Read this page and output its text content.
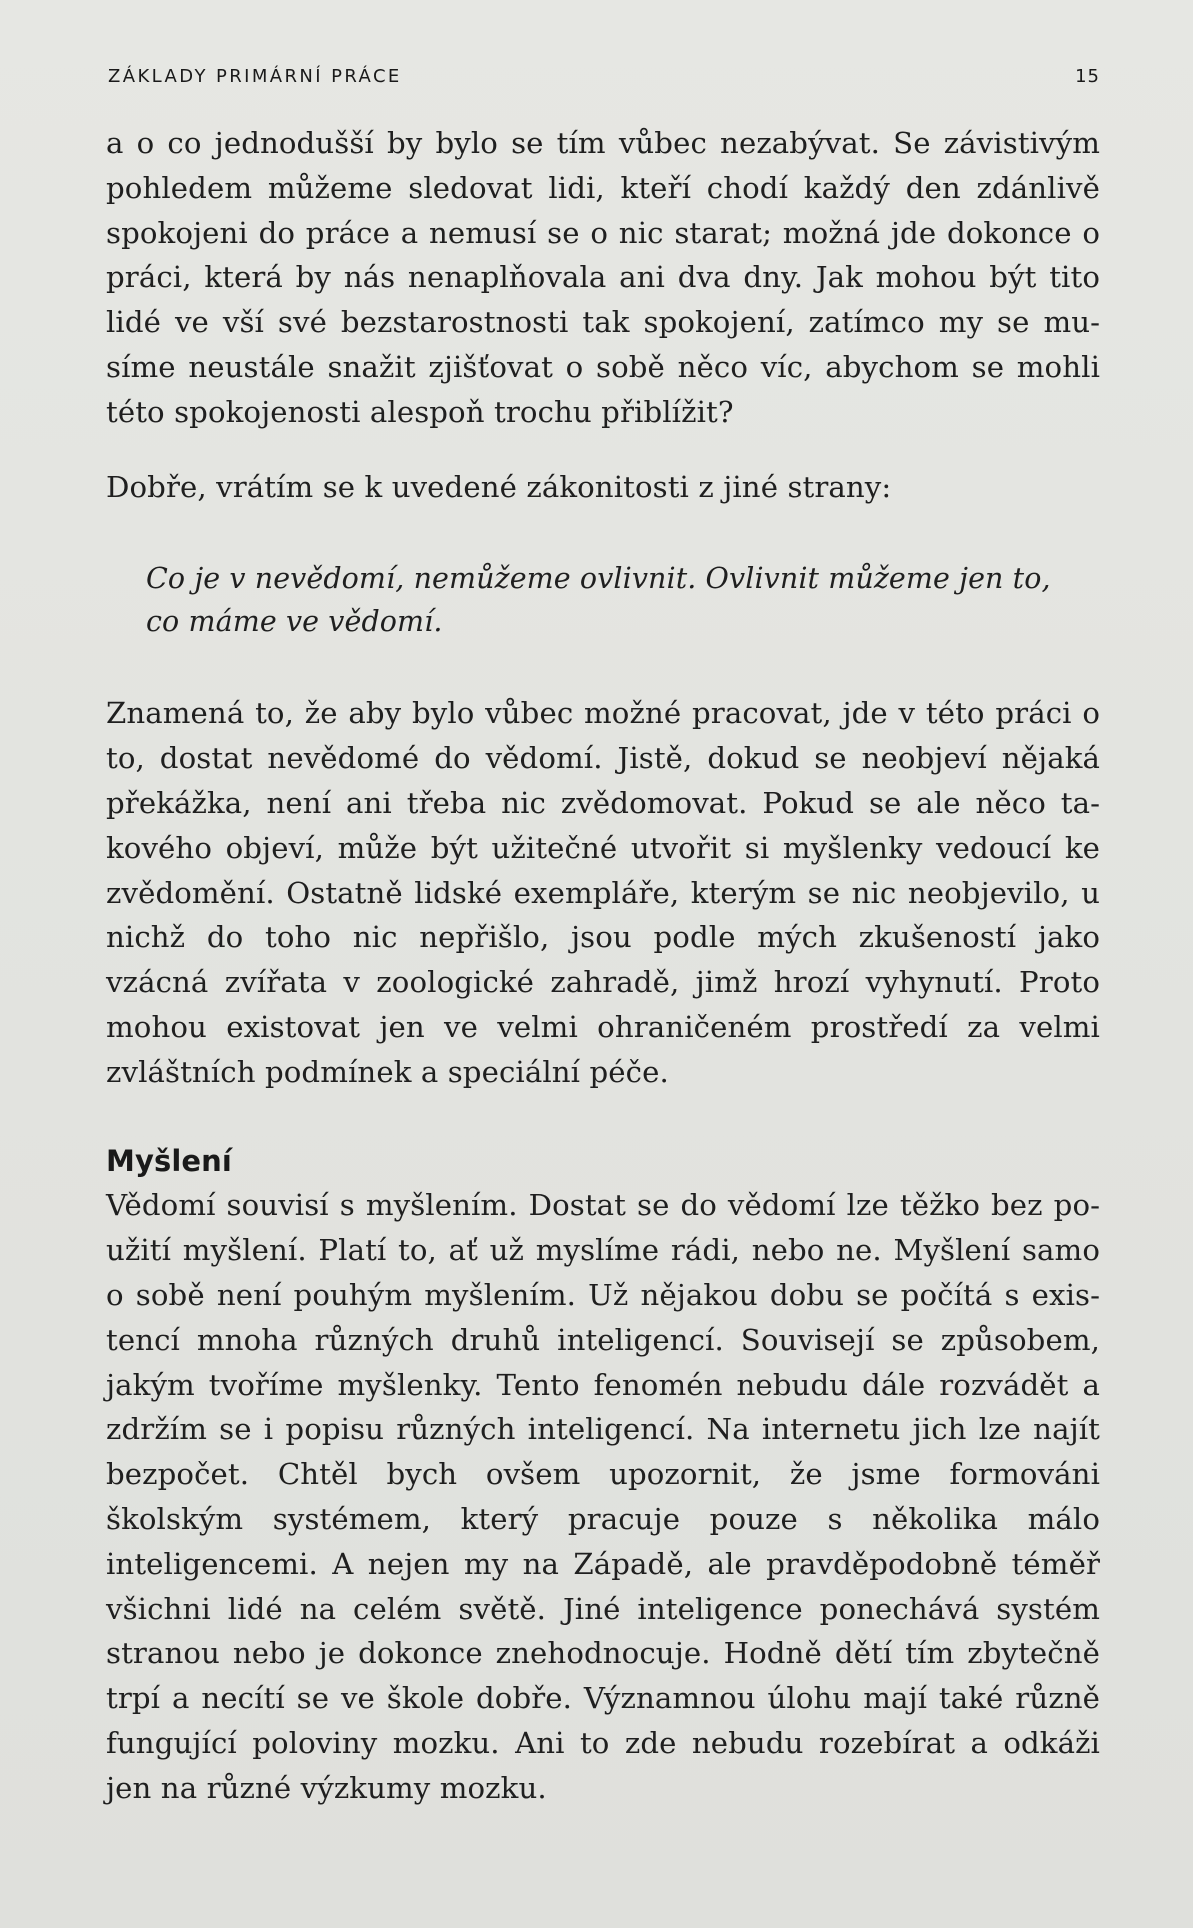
ZÁKLADY PRIMÁRNÍ PRÁCE	15

a o co jednodušší by bylo se tím vůbec nezabývat. Se závistivým pohledem můžeme sledovat lidi, kteří chodí každý den zdánlivě spokojeni do práce a nemusí se o nic starat; možná jde dokonce o práci, která by nás nenaplňovala ani dva dny. Jak mohou být tito lidé ve vší své bezstarostnosti tak spokojení, zatímco my se musíme neustále snažit zjišťovat o sobě něco víc, abychom se mohli této spokojenosti alespoň trochu přiblížit?

Dobře, vrátím se k uvedené zákonitosti z jiné strany:

Co je v nevědomí, nemůžeme ovlivnit. Ovlivnit můžeme jen to, co máme ve vědomí.

Znamená to, že aby bylo vůbec možné pracovat, jde v této práci o to, dostat nevědomé do vědomí. Jistě, dokud se neobjeví nějaká překážka, není ani třeba nic zvědomovat. Pokud se ale něco takového objeví, může být užitečné utvořit si myšlenky vedoucí ke zvědomění. Ostatně lidské exempláře, kterým se nic neobjevilo, u nichž do toho nic nepřišlo, jsou podle mých zkušeností jako vzácná zvířata v zoologické zahradě, jimž hrozí vyhynutí. Proto mohou existovat jen ve velmi ohraničeném prostředí za velmi zvláštních podmínek a speciální péče.

Myšlení

Vědomí souvisí s myšlením. Dostat se do vědomí lze těžko bez použití myšlení. Platí to, ať už myslíme rádi, nebo ne. Myšlení samo o sobě není pouhým myšlením. Už nějakou dobu se počítá s existencí mnoha různých druhů inteligencí. Souvisejí se způsobem, jakým tvoříme myšlenky. Tento fenomén nebudu dále rozvádět a zdržím se i popisu různých inteligencí. Na internetu jich lze najít bezpočet. Chtěl bych ovšem upozornit, že jsme formováni školským systémem, který pracuje pouze s několika málo inteligencemi. A nejen my na Západě, ale pravděpodobně téměř všichni lidé na celém světě. Jiné inteligence ponechává systém stranou nebo je dokonce znehodnocuje. Hodně dětí tím zbytečně trpí a necítí se ve škole dobře. Významnou úlohu mají také různě fungující poloviny mozku. Ani to zde nebudu rozebírat a odkáži jen na různé výzkumy mozku.
